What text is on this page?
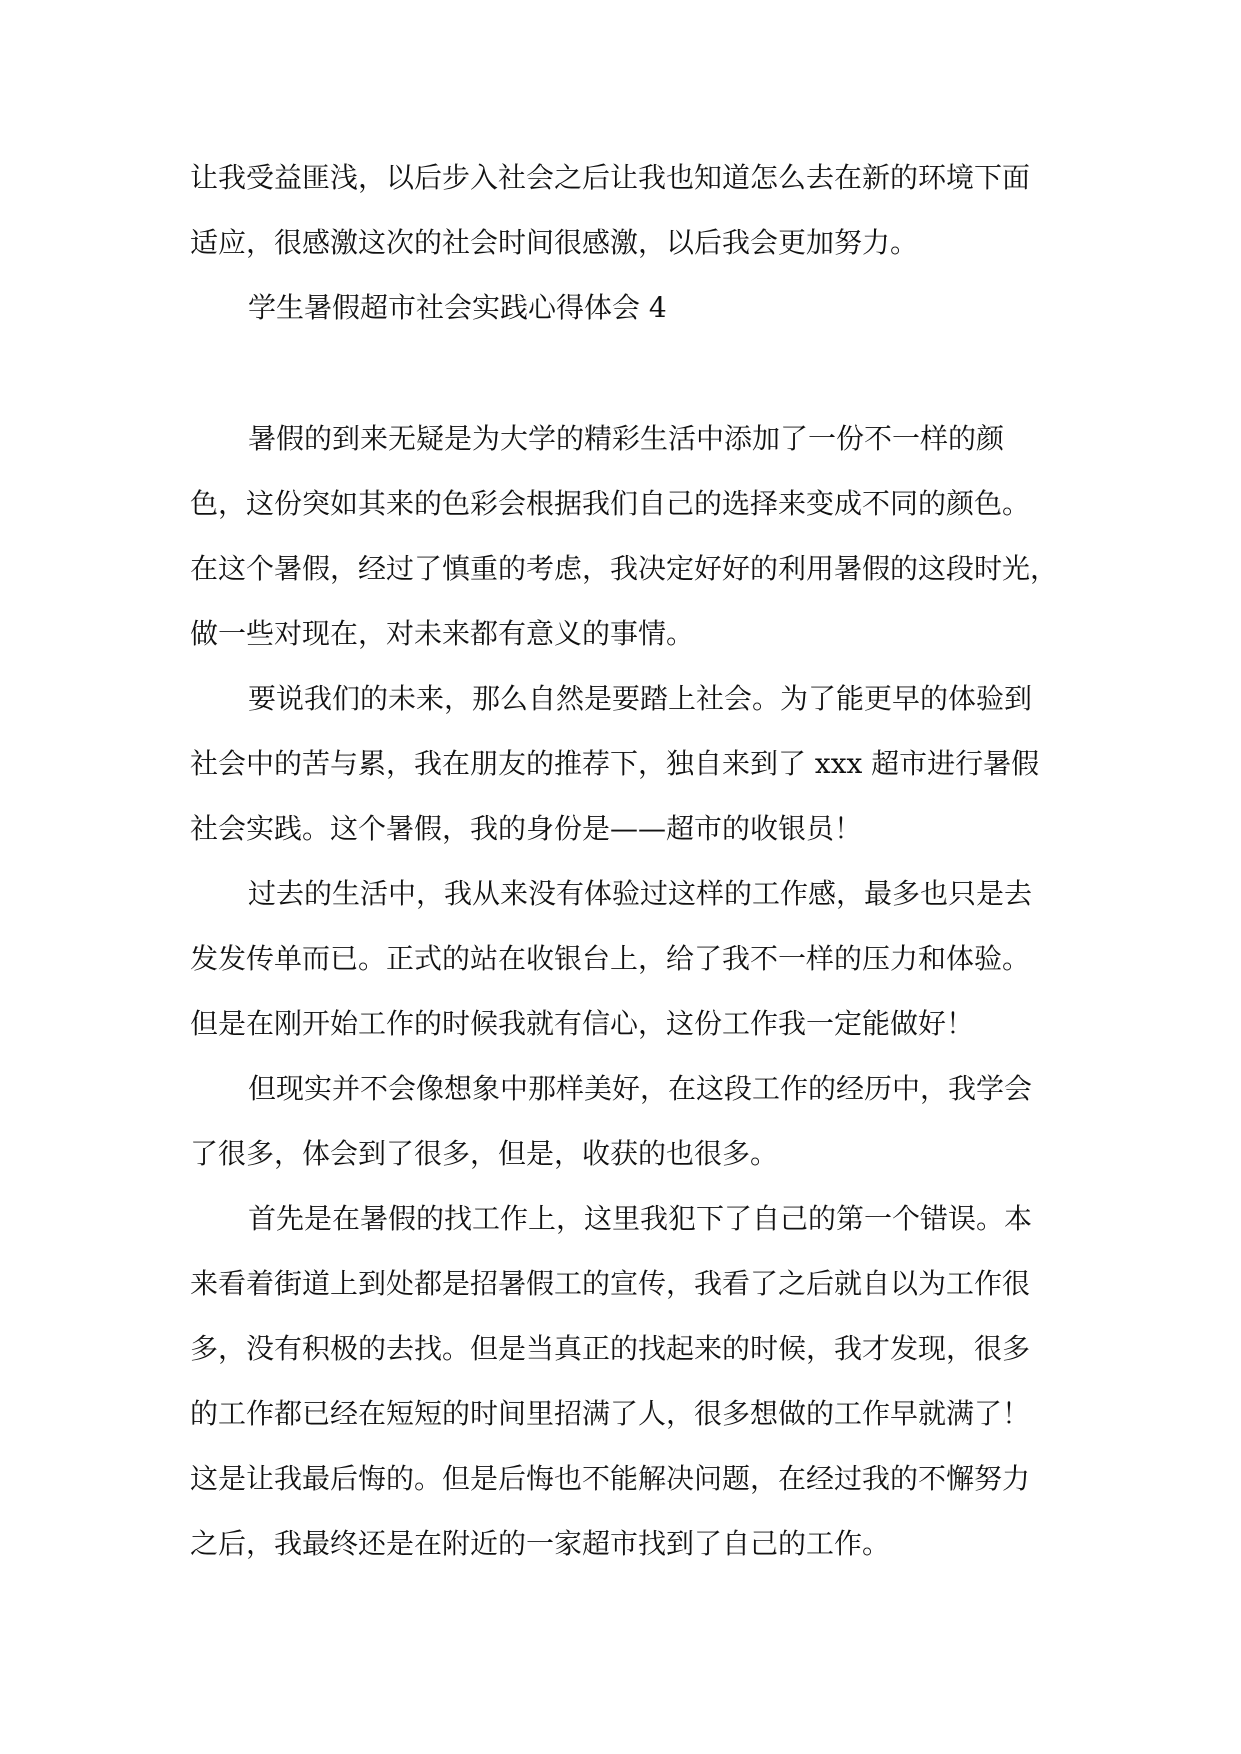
让我受益匪浅，以后步入社会之后让我也知道怎么去在新的环境下面
适应，很感激这次的社会时间很感激，以后我会更加努力。
学生暑假超市社会实践心得体会 4
暑假的到来无疑是为大学的精彩生活中添加了一份不一样的颜
色，这份突如其来的色彩会根据我们自己的选择来变成不同的颜色。
在这个暑假，经过了慎重的考虑，我决定好好的利用暑假的这段时光，
做一些对现在，对未来都有意义的事情。
要说我们的未来，那么自然是要踏上社会。为了能更早的体验到
社会中的苦与累，我在朋友的推荐下，独自来到了 xxx 超市进行暑假
社会实践。这个暑假，我的身份是——超市的收银员！
过去的生活中，我从来没有体验过这样的工作感，最多也只是去
发发传单而已。正式的站在收银台上，给了我不一样的压力和体验。
但是在刚开始工作的时候我就有信心，这份工作我一定能做好！
但现实并不会像想象中那样美好，在这段工作的经历中，我学会
了很多，体会到了很多，但是，收获的也很多。
首先是在暑假的找工作上，这里我犯下了自己的第一个错误。本
来看着街道上到处都是招暑假工的宣传，我看了之后就自以为工作很
多，没有积极的去找。但是当真正的找起来的时候，我才发现，很多
的工作都已经在短短的时间里招满了人，很多想做的工作早就满了！
这是让我最后悔的。但是后悔也不能解决问题，在经过我的不懈努力
之后，我最终还是在附近的一家超市找到了自己的工作。
